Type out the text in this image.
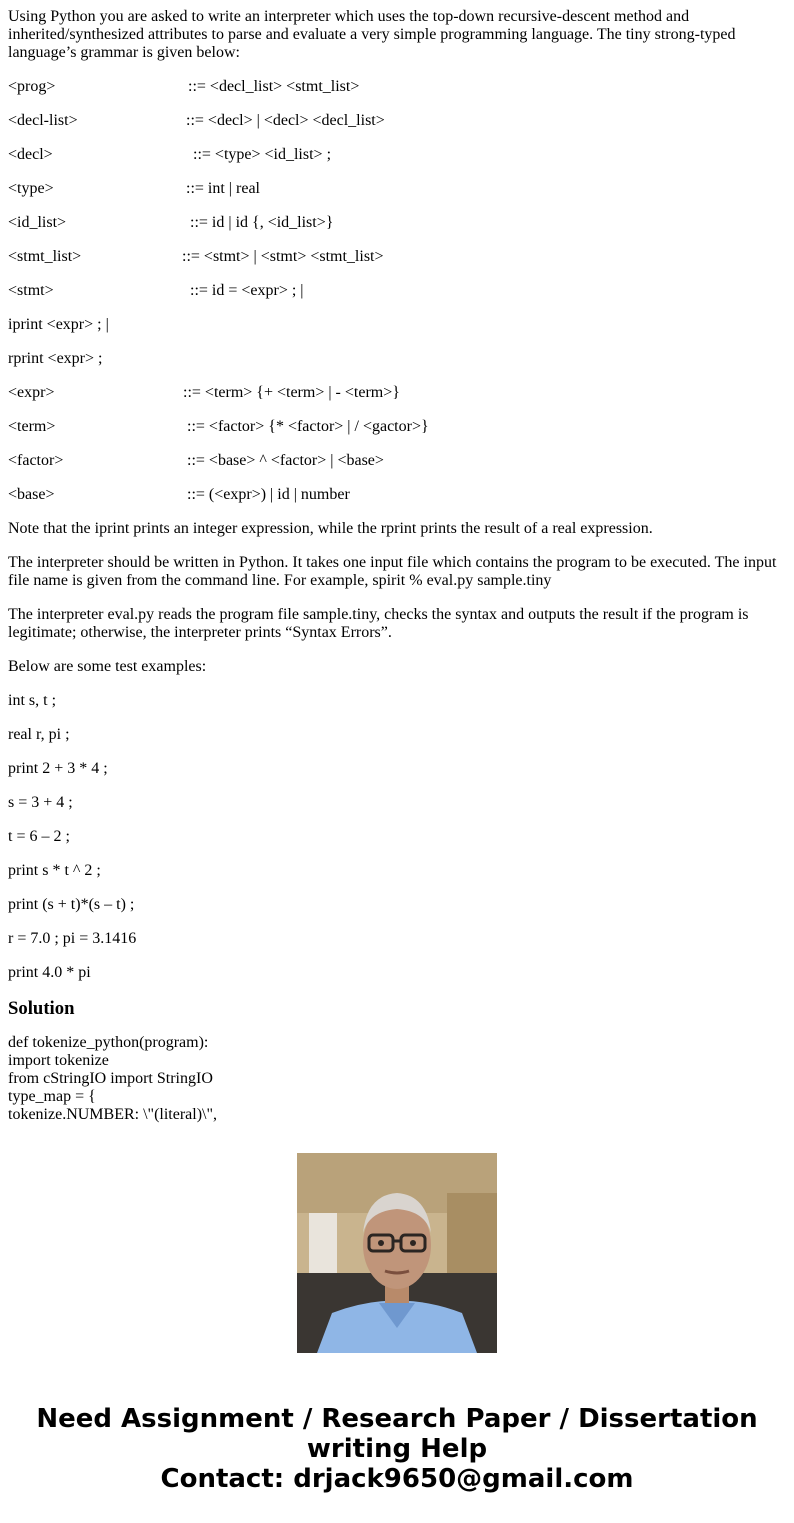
Using Python you are asked to write an interpreter which uses the top-down recursive-descent method and inherited/synthesized attributes to parse and evaluate a very simple programming language. The tiny strong-typed language’s grammar is given below:

<prog>

	::= <decl_list> <stmt_list>

<decl-list>

	::= <decl> | <decl> <decl_list>

<decl>

	::= <type> <id_list> ;

<type>

	::= int | real

<id_list>

	::= id | id {, <id_list>}

<stmt_list>

	::= <stmt> | <stmt> <stmt_list>

<stmt>

	::= id = <expr> ; |

iprint <expr> ; |

rprint <expr> ;

<expr>

	::= <term> {+ <term> | - <term>}

<term>

	::= <factor> {* <factor> | / <gactor>}

<factor>

	::= <base> ^ <factor> | <base>

<base>

	::= (<expr>) | id | number

Note that the iprint prints an integer expression, while the rprint prints the result of a real expression.

The interpreter should be written in Python. It takes one input file which contains the program to be executed. The input file name is given from the command line. For example, spirit % eval.py sample.tiny

The interpreter eval.py reads the program file sample.tiny, checks the syntax and outputs the result if the program is legitimate; otherwise, the interpreter prints “Syntax Errors”.

Below are some test examples:

int s, t ;
real r, pi ;
print 2 + 3 * 4 ;
s = 3 + 4 ;
t = 6 – 2 ;
print s * t ^ 2 ;
print (s + t)*(s – t) ;
r = 7.0 ; pi = 3.1416
print 4.0 * pi
Solution
def tokenize_python(program):
import tokenize
from cStringIO import StringIO
type_map = {
tokenize.NUMBER: \"(literal)\",
Need Assignment / Research Paper / Dissertation
writing Help
Contact: drjack9650@gmail.com
